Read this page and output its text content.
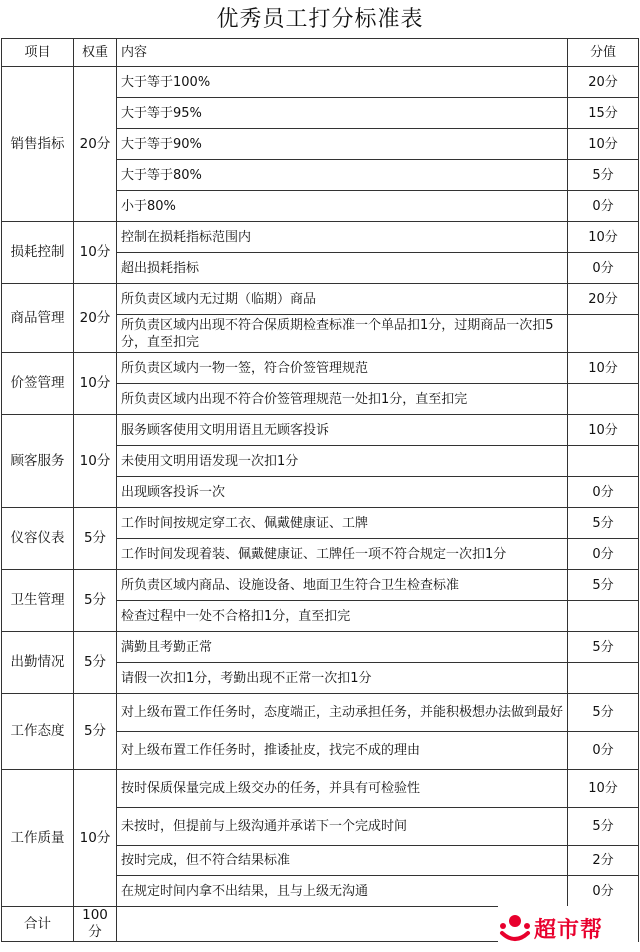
优秀员工打分标准表
项目	权重	内容	分值
销售指标	20分	大于等于100%	20分
		大于等于95%	15分
		大于等于90%	10分
		大于等于80%	5分
		小于80%	0分
损耗控制	10分	控制在损耗指标范围内	10分
		超出损耗指标	0分
商品管理	20分	所负责区域内无过期（临期）商品	20分
		所负责区域内出现不符合保质期检查标准一个单品扣1分，过期商品一次扣5分，直至扣完	
价签管理	10分	所负责区域内一物一签，符合价签管理规范	10分
		所负责区域内出现不符合价签管理规范一处扣1分，直至扣完	
顾客服务	10分	服务顾客使用文明用语且无顾客投诉	10分
		未使用文明用语发现一次扣1分	
		出现顾客投诉一次	0分
仪容仪表	5分	工作时间按规定穿工衣、佩戴健康证、工牌	5分
		工作时间发现着装、佩戴健康证、工牌任一项不符合规定一次扣1分	0分
卫生管理	5分	所负责区域内商品、设施设备、地面卫生符合卫生检查标准	5分
		检查过程中一处不合格扣1分，直至扣完	
出勤情况	5分	满勤且考勤正常	5分
		请假一次扣1分，考勤出现不正常一次扣1分	
工作态度	5分	对上级布置工作任务时，态度端正，主动承担任务，并能积极想办法做到最好	5分
		对上级布置工作任务时，推诿扯皮，找完不成的理由	0分
工作质量	10分	按时保质保量完成上级交办的任务，并具有可检验性	10分
		未按时，但提前与上级沟通并承诺下一个完成时间	5分
		按时完成，但不符合结果标准	2分
		在规定时间内拿不出结果，且与上级无沟通	0分
合计	100分			超市帮
